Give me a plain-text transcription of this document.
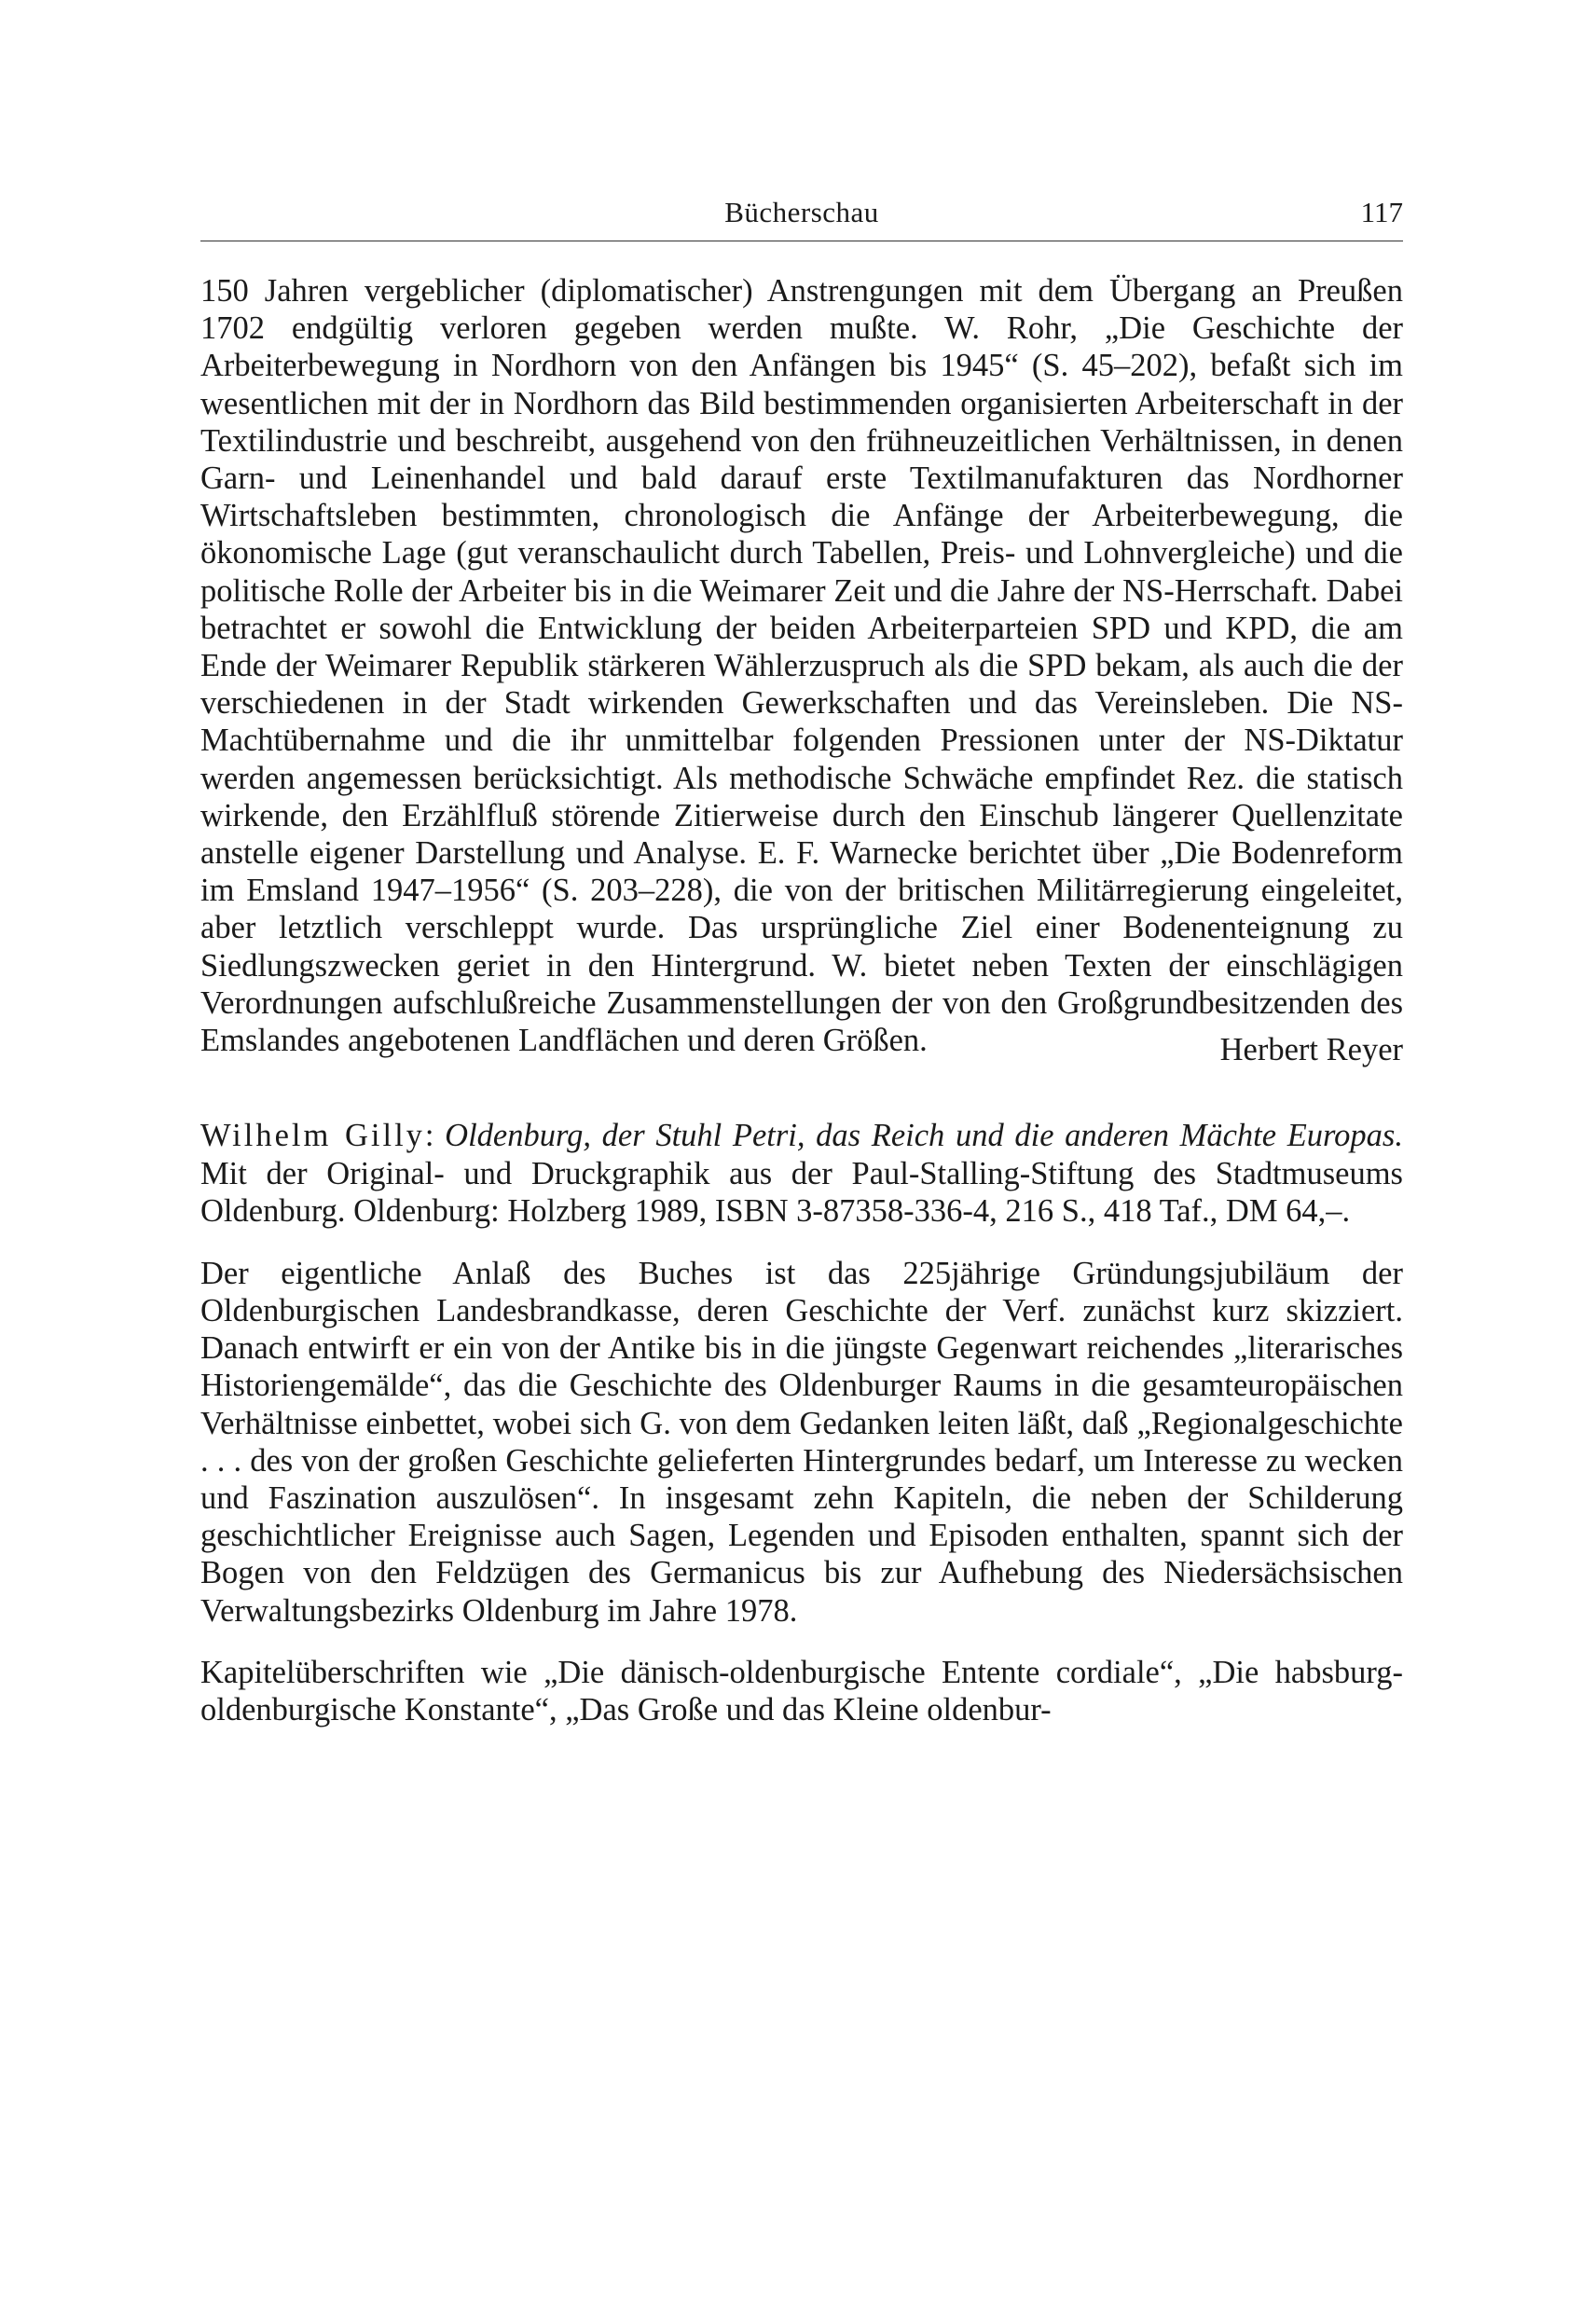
Bücherschau	117

150 Jahren vergeblicher (diplomatischer) Anstrengungen mit dem Übergang an Preußen 1702 endgültig verloren gegeben werden mußte. W. Rohr, „Die Geschichte der Arbeiterbewegung in Nordhorn von den Anfängen bis 1945“ (S. 45–202), befaßt sich im wesentlichen mit der in Nordhorn das Bild bestimmenden organisierten Arbeiterschaft in der Textilindustrie und beschreibt, ausgehend von den frühneuzeitlichen Verhältnissen, in denen Garn- und Leinenhandel und bald darauf erste Textilmanufakturen das Nordhorner Wirtschaftsleben bestimmten, chronologisch die Anfänge der Arbeiterbewegung, die ökonomische Lage (gut veranschaulicht durch Tabellen, Preis- und Lohnvergleiche) und die politische Rolle der Arbeiter bis in die Weimarer Zeit und die Jahre der NS-Herrschaft. Dabei betrachtet er sowohl die Entwicklung der beiden Arbeiterparteien SPD und KPD, die am Ende der Weimarer Republik stärkeren Wählerzuspruch als die SPD bekam, als auch die der verschiedenen in der Stadt wirkenden Gewerkschaften und das Vereinsleben. Die NS-Machtübernahme und die ihr unmittelbar folgenden Pressionen unter der NS-Diktatur werden angemessen berücksichtigt. Als methodische Schwäche empfindet Rez. die statisch wirkende, den Erzählfluß störende Zitierweise durch den Einschub längerer Quellenzitate anstelle eigener Darstellung und Analyse. E. F. Warnecke berichtet über „Die Bodenreform im Emsland 1947–1956“ (S. 203–228), die von der britischen Militärregierung eingeleitet, aber letztlich verschleppt wurde. Das ursprüngliche Ziel einer Bodenenteignung zu Siedlungszwecken geriet in den Hintergrund. W. bietet neben Texten der einschlägigen Verordnungen aufschlußreiche Zusammenstellungen der von den Großgrundbesitzenden des Emslandes angebotenen Landflächen und deren Größen.	Herbert Reyer

Wilhelm Gilly: Oldenburg, der Stuhl Petri, das Reich und die anderen Mächte Europas. Mit der Original- und Druckgraphik aus der Paul-Stalling-Stiftung des Stadtmuseums Oldenburg. Oldenburg: Holzberg 1989, ISBN 3-87358-336-4, 216 S., 418 Taf., DM 64,–.

Der eigentliche Anlaß des Buches ist das 225jährige Gründungsjubiläum der Oldenburgischen Landesbrandkasse, deren Geschichte der Verf. zunächst kurz skizziert. Danach entwirft er ein von der Antike bis in die jüngste Gegenwart reichendes „literarisches Historiengemälde“, das die Geschichte des Oldenburger Raums in die gesamteuropäischen Verhältnisse einbettet, wobei sich G. von dem Gedanken leiten läßt, daß „Regionalgeschichte . . . des von der großen Geschichte gelieferten Hintergrundes bedarf, um Interesse zu wecken und Faszination auszulösen“. In insgesamt zehn Kapiteln, die neben der Schilderung geschichtlicher Ereignisse auch Sagen, Legenden und Episoden enthalten, spannt sich der Bogen von den Feldzügen des Germanicus bis zur Aufhebung des Niedersächsischen Verwaltungsbezirks Oldenburg im Jahre 1978.

Kapitelüberschriften wie „Die dänisch-oldenburgische Entente cordiale“, „Die habsburg-oldenburgische Konstante“, „Das Große und das Kleine oldenbur-
